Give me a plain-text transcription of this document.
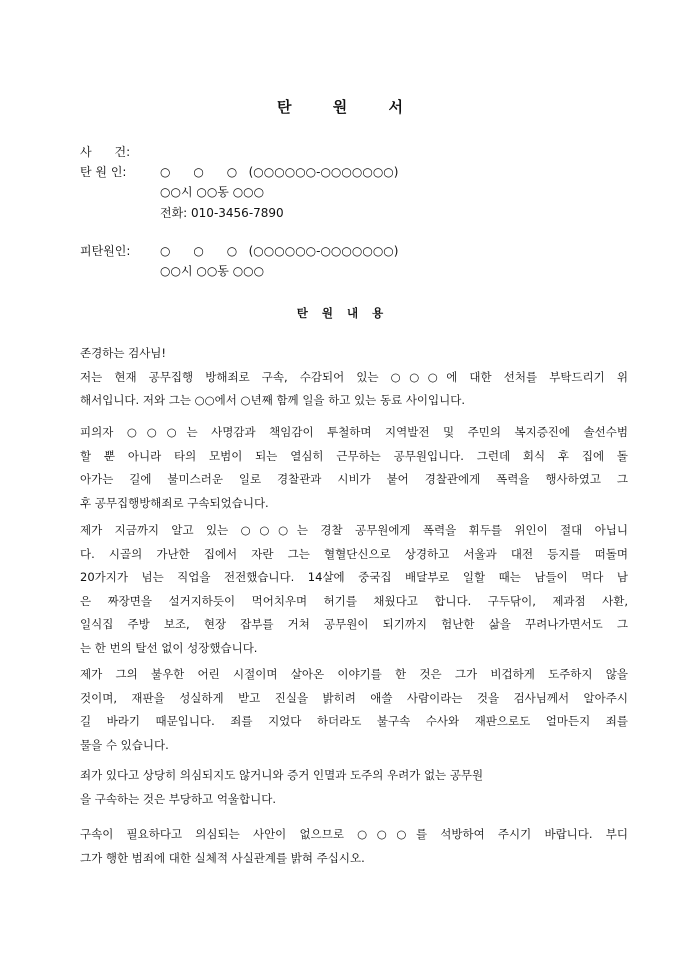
탄 원 서
사      건:
탄 원 인:	○      ○      ○   (○○○○○○-○○○○○○○)
○○시 ○○동 ○○○
전화: 010-3456-7890
피탄원인: ○      ○      ○   (○○○○○○-○○○○○○○)
○○시 ○○동 ○○○
탄 원 내 용
존경하는 검사님!
저는 현재 공무집행 방해죄로 구속, 수감되어 있는 ○○○에 대한 선처를 부탁드리기 위
해서입니다. 저와 그는 ○○에서 ○년째 함께 일을 하고 있는 동료 사이입니다.
피의자 ○○○는 사명감과 책임감이 투철하며 지역발전 및 주민의 복지증진에 솔선수범
할 뿐 아니라 타의 모범이 되는 열심히 근무하는 공무원입니다. 그런데 회식 후 집에 돌
아가는 길에 불미스러운 일로 경찰관과 시비가 붙어 경찰관에게 폭력을 행사하였고 그
후 공무집행방해죄로 구속되었습니다.
제가 지금까지 알고 있는 ○○○는 경찰 공무원에게 폭력을 휘두를 위인이 절대 아닙니
다. 시골의 가난한 집에서 자란 그는 혈혈단신으로 상경하고 서울과 대전 등지를 떠돌며
20가지가 넘는 직업을 전전했습니다. 14살에 중국집 배달부로 일할 때는 남들이 먹다 남
은 짜장면을 설거지하듯이 먹어치우며 허기를 채웠다고 합니다. 구두닦이, 제과점 사환,
일식집 주방 보조, 현장 잡부를 거쳐 공무원이 되기까지 험난한 삶을 꾸려나가면서도 그
는 한 번의 탈선 없이 성장했습니다.
제가 그의 불우한 어린 시절이며 살아온 이야기를 한 것은 그가 비겁하게 도주하지 않을
것이며, 재판을 성실하게 받고 진실을 밝히려 애쓸 사람이라는 것을 검사님께서 알아주시
길 바라기 때문입니다. 죄를 지었다 하더라도 불구속 수사와 재판으로도 얼마든지 죄를
물을 수 있습니다.
죄가 있다고 상당히 의심되지도 않거니와 증거 인멸과 도주의 우려가 없는 공무원
을 구속하는 것은 부당하고 억울합니다.
구속이 필요하다고 의심되는 사안이 없으므로 ○○○를 석방하여 주시기 바랍니다. 부디
그가 행한 범죄에 대한 실체적 사실관계를 밝혀 주십시오.
